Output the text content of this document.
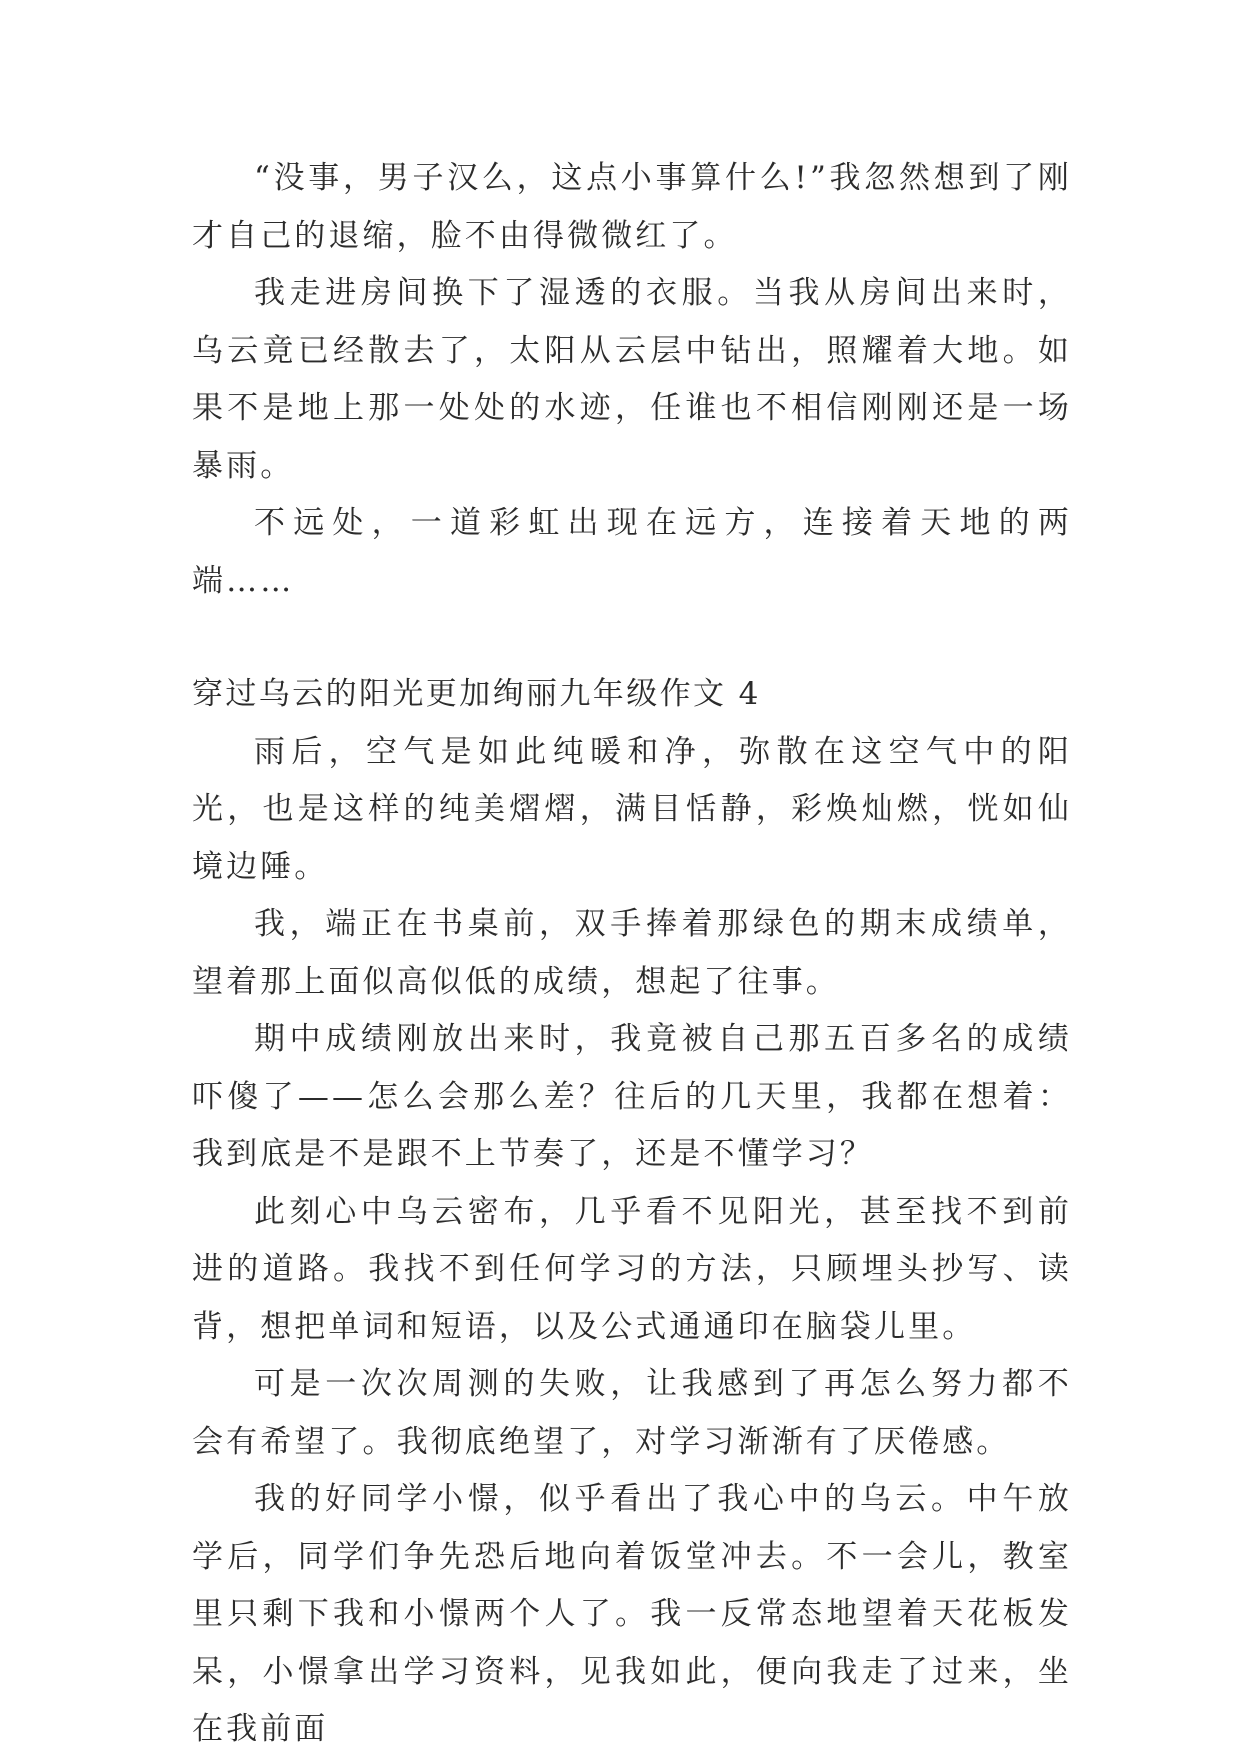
“没事，男子汉么，这点小事算什么!”我忽然想到了刚才自己的退缩，脸不由得微微红了。

我走进房间换下了湿透的衣服。当我从房间出来时，乌云竟已经散去了，太阳从云层中钻出，照耀着大地。如果不是地上那一处处的水迹，任谁也不相信刚刚还是一场暴雨。

不远处，一道彩虹出现在远方，连接着天地的两端……

穿过乌云的阳光更加绚丽九年级作文 4

雨后，空气是如此纯暖和净，弥散在这空气中的阳光，也是这样的纯美熠熠，满目恬静，彩焕灿燃，恍如仙境边陲。

我，端正在书桌前，双手捧着那绿色的期末成绩单，望着那上面似高似低的成绩，想起了往事。

期中成绩刚放出来时，我竟被自己那五百多名的成绩吓傻了——怎么会那么差？往后的几天里，我都在想着：我到底是不是跟不上节奏了，还是不懂学习？

此刻心中乌云密布，几乎看不见阳光，甚至找不到前进的道路。我找不到任何学习的方法，只顾埋头抄写、读背，想把单词和短语，以及公式通通印在脑袋儿里。

可是一次次周测的失败，让我感到了再怎么努力都不会有希望了。我彻底绝望了，对学习渐渐有了厌倦感。

我的好同学小憬，似乎看出了我心中的乌云。中午放学后，同学们争先恐后地向着饭堂冲去。不一会儿，教室里只剩下我和小憬两个人了。我一反常态地望着天花板发呆，小憬拿出学习资料，见我如此，便向我走了过来，坐在我前面
